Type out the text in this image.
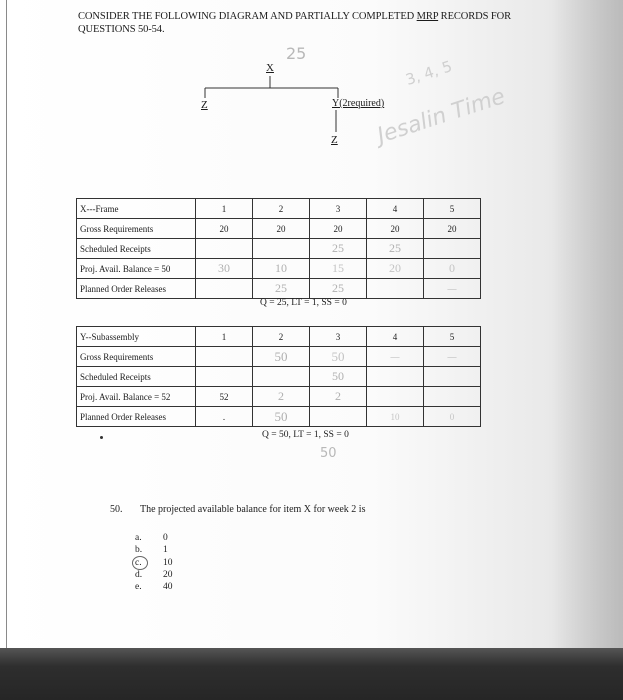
CONSIDER THE FOLLOWING DIAGRAM AND PARTIALLY COMPLETED MRP RECORDS FOR
QUESTIONS 50-54.
X
Z	Y(2required)
Z
25
3, 4, 5
Jesalin Time
X---Frame	1	2	3	4	5
Gross Requirements	20	20	20	20	20
Scheduled Receipts			25	25	
Proj. Avail. Balance = 50	30	10	15	20	0
Planned Order Releases		25	25		—
Q = 25, LT = 1, SS = 0
Y--Subassembly	1	2	3	4	5
Gross Requirements		50	50	—	—
Scheduled Receipts			50		
Proj. Avail. Balance = 52	52	2	2		
Planned Order Releases	.	50		10	0
Q = 50, LT = 1, SS = 0
50
50. The projected available balance for item X for week 2 is
a. 0
b. 1
c. 10
d. 20
e. 40
